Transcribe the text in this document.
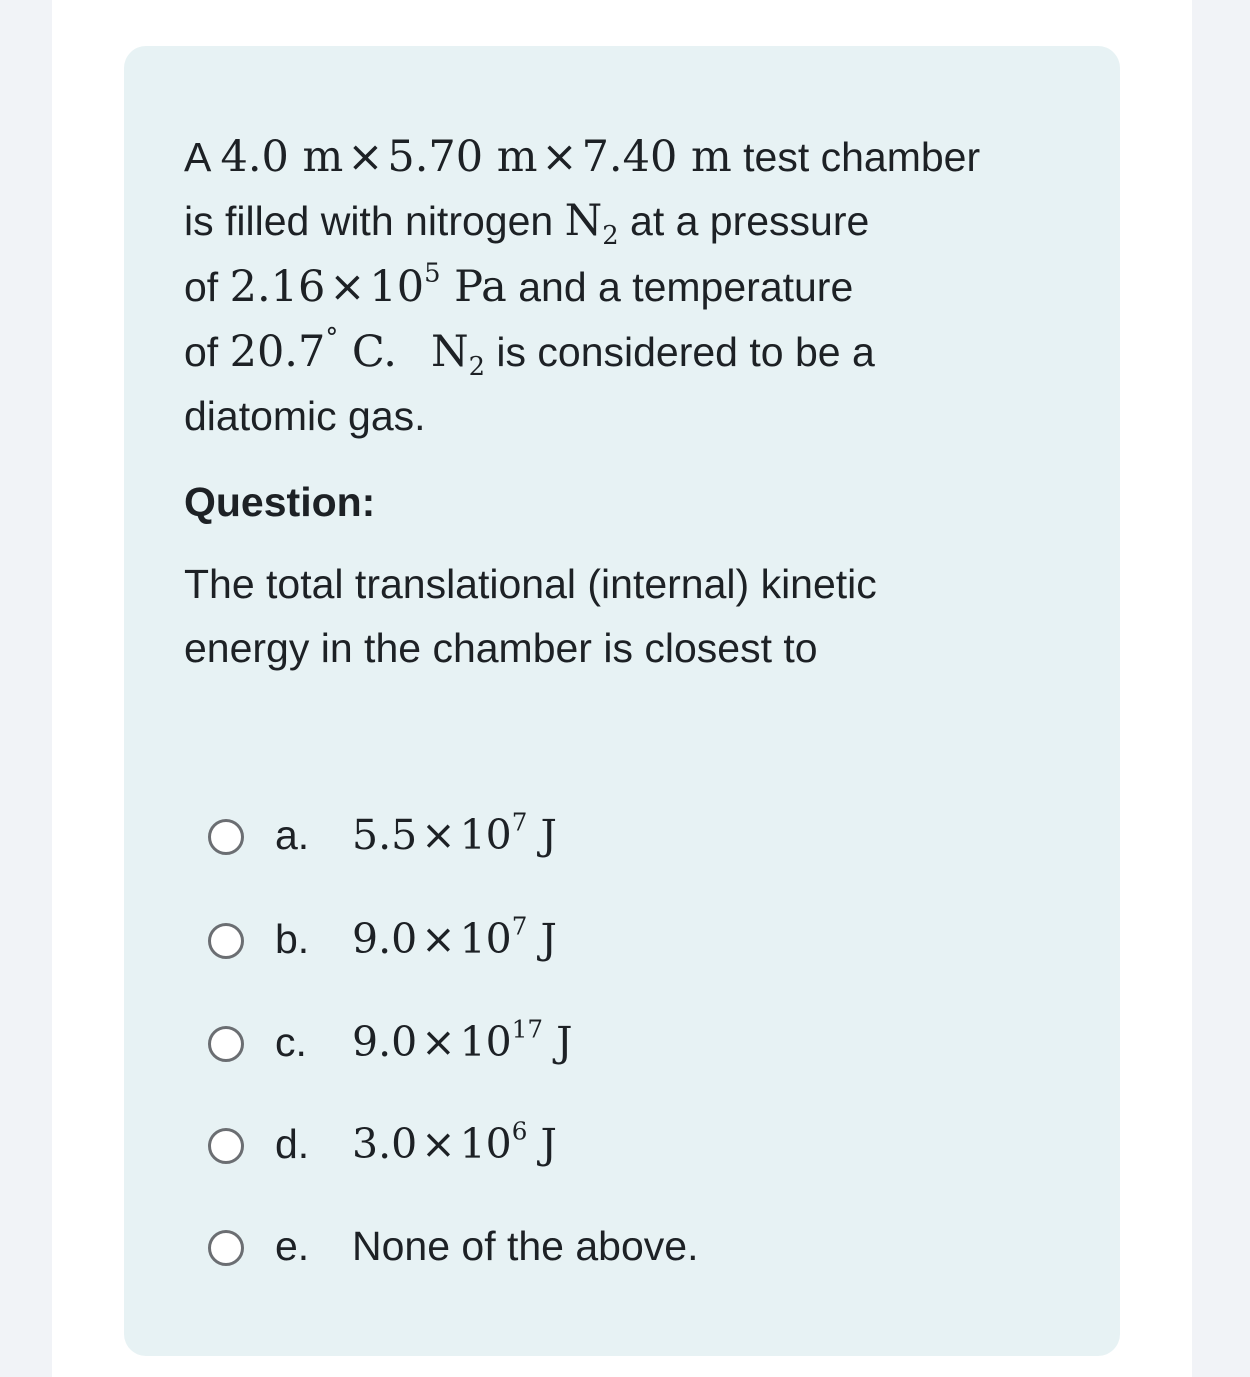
A 4.0 m×5.70 m×7.40 m test chamber
is filled with nitrogen $N_2$ at a pressure
of $2.16\times 10^5$ Pa and a temperature
of 20.7° C. $N_2$ is considered to be a
diatomic gas.
Question:
The total translational (internal) kinetic
energy in the chamber is closest to
a. $5.5\times 10^7$ J
b. $9.0\times 10^7$ J
c. $9.0\times 10^{17}$ J
d. $3.0\times 10^6$ J
e. None of the above.
